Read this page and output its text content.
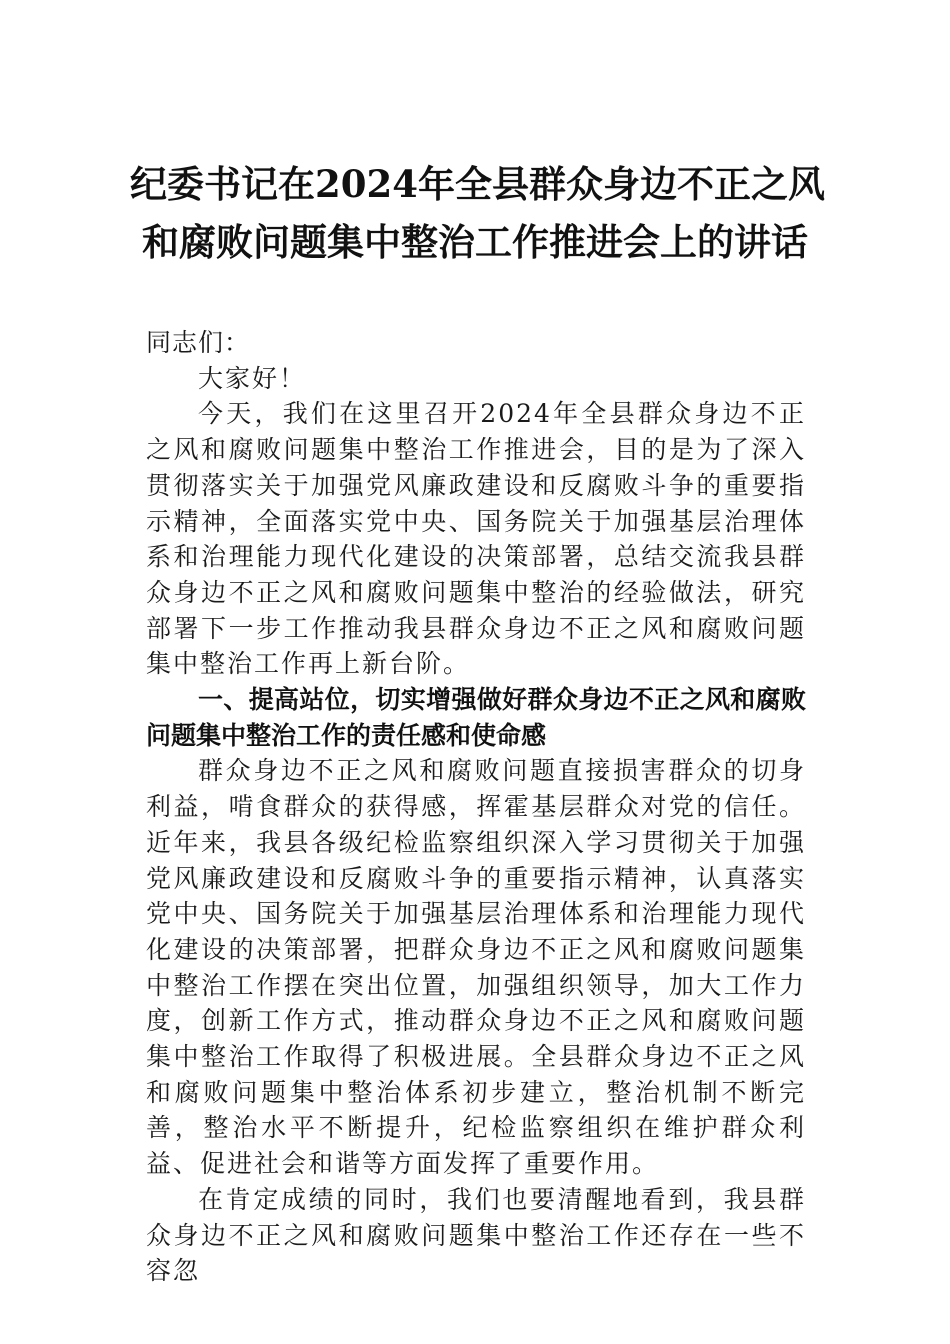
纪委书记在2024年全县群众身边不正之风
和腐败问题集中整治工作推进会上的讲话

同志们：

大家好！

今天，我们在这里召开2024年全县群众身边不正之风和腐败问题集中整治工作推进会，目的是为了深入贯彻落实关于加强党风廉政建设和反腐败斗争的重要指示精神，全面落实党中央、国务院关于加强基层治理体系和治理能力现代化建设的决策部署，总结交流我县群众身边不正之风和腐败问题集中整治的经验做法，研究部署下一步工作推动我县群众身边不正之风和腐败问题集中整治工作再上新台阶。

一、提高站位，切实增强做好群众身边不正之风和腐败问题集中整治工作的责任感和使命感

群众身边不正之风和腐败问题直接损害群众的切身利益，啃食群众的获得感，挥霍基层群众对党的信任。近年来，我县各级纪检监察组织深入学习贯彻关于加强党风廉政建设和反腐败斗争的重要指示精神，认真落实党中央、国务院关于加强基层治理体系和治理能力现代化建设的决策部署，把群众身边不正之风和腐败问题集中整治工作摆在突出位置，加强组织领导，加大工作力度，创新工作方式，推动群众身边不正之风和腐败问题集中整治工作取得了积极进展。全县群众身边不正之风和腐败问题集中整治体系初步建立，整治机制不断完善，整治水平不断提升，纪检监察组织在维护群众利益、促进社会和谐等方面发挥了重要作用。

在肯定成绩的同时，我们也要清醒地看到，我县群众身边不正之风和腐败问题集中整治工作还存在一些不容忽
